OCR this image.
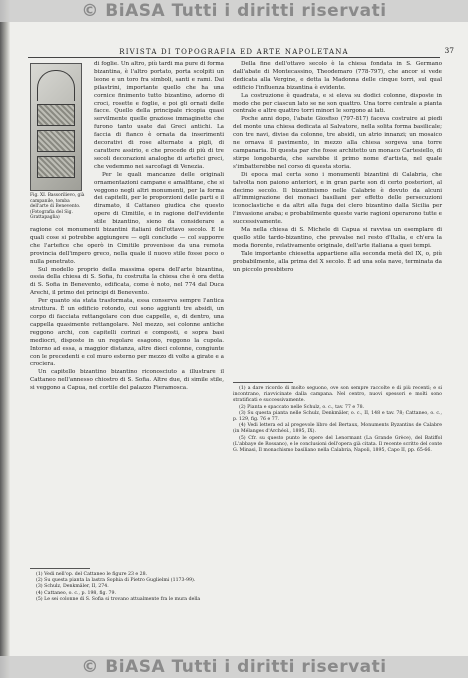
© BiASA Tutti i diritti riservati
RIVISTA DI TOPOGRAFIA ED ARTE NAPOLETANA	37
Fig. XI. Bassorilievo, già campanile, tomba dell'arte di Benevento. (Fotografia del Sig. Grattapaglia)

di foglie. Un altro, più tardi ma pure di forma bizantina, è l'altro portato, porta scolpiti un leone e un toro fra simboli, santi e rami. Dai pilastrini, importante quello che ha una cornice finimento tutto bizantino, adorno di croci, rosette e foglie, e poi gli ornati delle facce. Quello della principale ricopia quasi servilmente quelle graziose immaginette che furono tanto usate dai Greci antichi. La faccia di fianco è ornata da inserimenti decorativi di rose alternate a pigli, di carattere assirio, e che procede di più di tre secoli decorazioni analoghe di artefici greci, che vedemmo nei sarcofagi di Venezia.

Per le quali mancanze delle originali ornamentazioni campane e amalfitane, che si veggono negli altri monumenti, per la forma dei capitelli, per le proporzioni delle parti e il diramato, il Cattaneo giudica che questo opere di Cimitile, e in ragione dell'evidente stile bizantino, sieno da considerare a ragione coi monumenti bizantini italiani dell'ottavo secolo. E le quali cose si potrebbe aggiungere — egli conclude — col supporre che l'artefice che operò in Cimitile provenisse da una remota provincia dell'impero greco, nella quale il nuovo stile fosse poco o nulla penetrato.

Sul modello proprio della massima opera dell'arte bizantina, ossia della chiesa di S. Sofia, fu costruita la chiesa che è ora detta di S. Sofia in Benevento, edificata, come è noto, nel 774 dal Duca Arechi, il primo dei principi di Benevento.

Per quanto sia stata trasformata, essa conserva sempre l'antica struttura. È un edificio rotondo, cui sono aggiunti tre absidi, un corpo di facciata rettangolare con due cappelle, e, di dentro, una cappella quasimente rettangolare. Nel mezzo, sei colonne antiche reggono archi, con capitelli corinzi e composti, e sopra basi mediocri, disposte in un regolare esagono, reggono la cupola. Intorno ad essa, a maggior distanza, altre dieci colonne, congiunte con le precedenti e col muro esterno per mezzo di volte a girate e a crociera.

Un capitello bizantino bizantino riconosciuto a illustrare il Cattaneo nell'annesso chiostro di S. Sofia. Altre due, di simile stile, si veggono a Capua, nel cortile del palazzo Fieramosca.

(1) Vedi nell'op. del Cattaneo le figure 23 e 28.

(2) Su questa pianta la lastra Sophia di Pietro Guglielmi (1173-99).

(3) Schulz, Denkmäler, II, 274.

(4) Cattaneo, o. c., p. 198, fig. 79.

(5) Le sei colonne di S. Sofia si trovano attualmente fra le mura della

Della fine dell'ottavo secolo è la chiesa fondata in S. Germano dall'abate di Montecassino, Theodemaro (778-797), che ancor si vede dedicata alla Vergine, e detta la Madonna delle cinque torri, sul qual edificio l'influenza bizantina è evidente.

La costruzione è quadrata, e si eleva su dodici colonne, disposte in modo che per ciascun lato se ne son quattro. Una torre centrale a pianta centrale e altre quattro torri minori le sorgono ai lati.

Poche anni dopo, l'abate Giosfiso (797-817) faceva costruire ai piedi del monte una chiesa dedicata al Salvatore, nella solita forma basilicale; con tre navi, divise da colonne, tre absidi, un atrio innanzi; un mosaico ne ornava il pavimento, in mezzo alla chiesa sorgeva una torre campanaria. Di questa par che fosse architetto un monaco Cartesiello, di stirpe longobarda, che sarebbe il primo nome d'artista, nel quale s'imbatterebbe nel corso di questa storia.

Di epoca mal certa sono i monumenti bizantini di Calabria, che talvolta non paiono anteriori, e in gran parte son di certo posteriori, al decimo secolo. Il bizantinismo nelle Calabrie è dovuto da alcuni all'immigrazione dei monaci basiliani per effetto delle persecuzioni iconoclastiche e da altri alla fuga dei clero bizantino dalla Sicilia per l'invasione araba; e probabilmente queste varie ragioni operarono tutte e successivamente.

Ma nella chiesa di S. Michele di Capua si ravvisa un esemplare di quello stile tardo-bizantino, che prevalse nel resto d'Italia, e ch'era la moda fiorente, relativamente originale, dell'arte italiana a quei tempi.

Tale importante chiesetta appartiene alla seconda metà del IX, o, più probabilmente, alla prima del X secolo. È ad una sola nave, terminata da un piccolo presbitero

(1) a dare ricordo di molto seguono, ove son sempre raccolte e di più recenti; e si incontrano, riavvicinate dalla campana. Nel centro, nuovi spessori e molti sono stratificati e successivamente.

(2) Pianta e spaccato nelle Schulz, o. c., tav. 77 e 78.

(3) Su questa pianta nelle Schulz, Denkmäler, o. c., II, 148 e tav. 78; Cattaneo, o. c., p. 129, fig. 76 e 77.

(4) Vedi lettera ed al pregevole libro del Bertaux, Monuments Byzantins de Calabre (in Mélanges d'Archéol., 1895, IX).

(5) Cfr. su questo punto le opere del Lenormant (La Grande Grèce), del Batiffol (L'abbaye de Rossano), e le conclusioni dell'opera già citata. Il recente scritto del conte G. Minasi, Il monachismo basiliano nella Calabria, Napoli, 1895, Capo II, pp. 65-66.

© BiASA Tutti i diritti riservati
